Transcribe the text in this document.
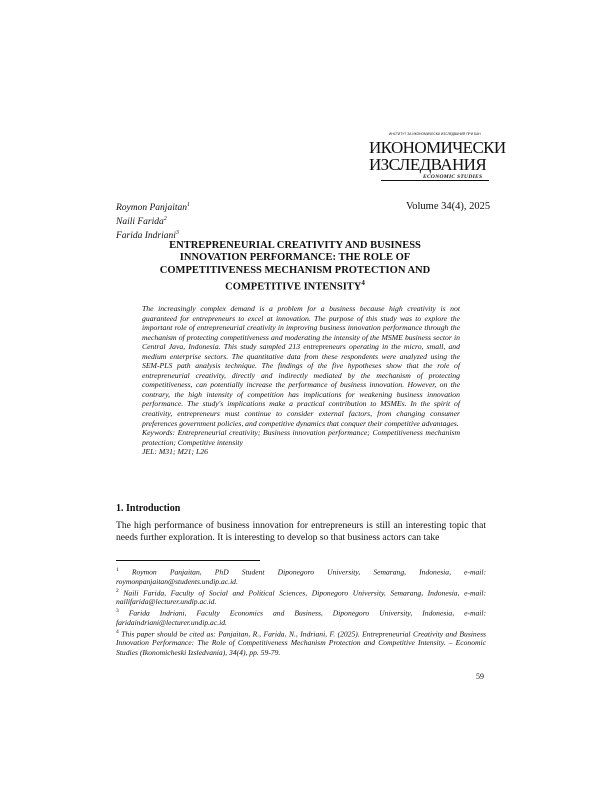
ИНСТИТУТ ЗА ИКОНОМИЧЕСКИ ИЗСЛЕДВАНИЯ ПРИ БАН
ИКОНОМИЧЕСКИ
ИЗСЛЕДВАНИЯ
ECONOMIC STUDIES
Roymon Panjaitan$^1$
Naili Farida$^2$
Farida Indriani$^3$
Volume 34(4), 2025
ENTREPRENEURIAL CREATIVITY AND BUSINESS INNOVATION PERFORMANCE: THE ROLE OF COMPETITIVENESS MECHANISM PROTECTION AND COMPETITIVE INTENSITY$^4$

The increasingly complex demand is a problem for a business because high creativity is not guaranteed for entrepreneurs to excel at innovation. The purpose of this study was to explore the important role of entrepreneurial creativity in improving business innovation performance through the mechanism of protecting competitiveness and moderating the intensity of the MSME business sector in Central Java, Indonesia. This study sampled 213 entrepreneurs operating in the micro, small, and medium enterprise sectors. The quantitative data from these respondents were analyzed using the SEM-PLS path analysis technique. The findings of the five hypotheses show that the role of entrepreneurial creativity, directly and indirectly mediated by the mechanism of protecting competitiveness, can potentially increase the performance of business innovation. However, on the contrary, the high intensity of competition has implications for weakening business innovation performance. The study's implications make a practical contribution to MSMEs. In the spirit of creativity, entrepreneurs must continue to consider external factors, from changing consumer preferences government policies, and competitive dynamics that conquer their competitive advantages.

Keywords: Entrepreneurial creativity; Business innovation performance; Competitiveness mechanism protection; Competitive intensity

JEL: M31; M21; L26

1. Introduction

The high performance of business innovation for entrepreneurs is still an interesting topic that needs further exploration. It is interesting to develop so that business actors can take

$^1$ Roymon Panjaitan, PhD Student Diponegoro University, Semarang, Indonesia, e-mail: roymonpanjaitan@students.undip.ac.id.

$^2$ Naili Farida, Faculty of Social and Political Sciences, Diponegoro University, Semarang, Indonesia, e-mail: nailifarida@lecturer.undip.ac.id.

$^3$ Farida Indriani, Faculty Economics and Business, Diponegoro University, Indonesia, e-mail: faridaindriani@lecturer.undip.ac.id.

$^4$ This paper should be cited as: Panjaitan, R., Farida, N., Indriani, F. (2025). Entrepreneurial Creativity and Business Innovation Performance: The Role of Competitiveness Mechanism Protection and Competitive Intensity. – Economic Studies (Ikonomicheski Izsledvania), 34(4), pp. 59-79.

59
